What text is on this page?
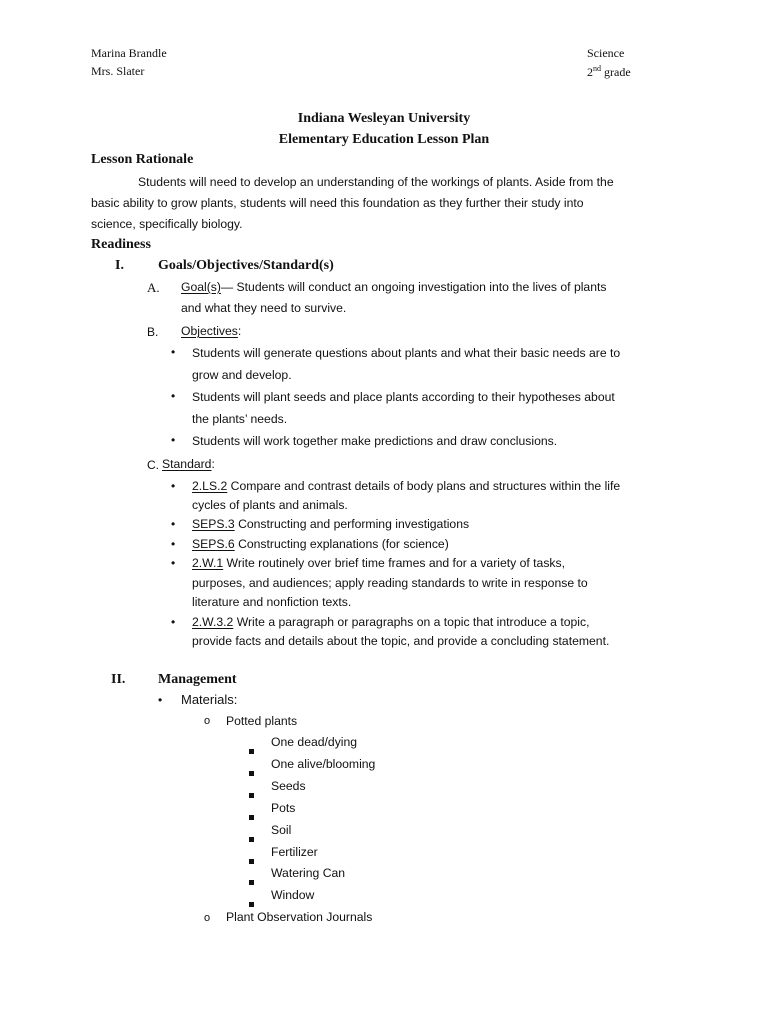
Marina Brandle
Mrs. Slater
Science
2nd grade
Indiana Wesleyan University
Elementary Education Lesson Plan
Lesson Rationale
Students will need to develop an understanding of the workings of plants. Aside from the
basic ability to grow plants, students will need this foundation as they further their study into
science, specifically biology.
Readiness
I. Goals/Objectives/Standard(s)
A. Goal(s)— Students will conduct an ongoing investigation into the lives of plants
and what they need to survive.
B. Objectives:
• Students will generate questions about plants and what their basic needs are to
grow and develop.
• Students will plant seeds and place plants according to their hypotheses about
the plants’ needs.
• Students will work together make predictions and draw conclusions.
C. Standard:
• 2.LS.2 Compare and contrast details of body plans and structures within the life
cycles of plants and animals.
• SEPS.3 Constructing and performing investigations
• SEPS.6 Constructing explanations (for science)
• 2.W.1 Write routinely over brief time frames and for a variety of tasks,
purposes, and audiences; apply reading standards to write in response to
literature and nonfiction texts.
• 2.W.3.2 Write a paragraph or paragraphs on a topic that introduce a topic,
provide facts and details about the topic, and provide a concluding statement.
II. Management
• Materials:
o Potted plants
One dead/dying
One alive/blooming
Seeds
Pots
Soil
Fertilizer
Watering Can
Window
o Plant Observation Journals
